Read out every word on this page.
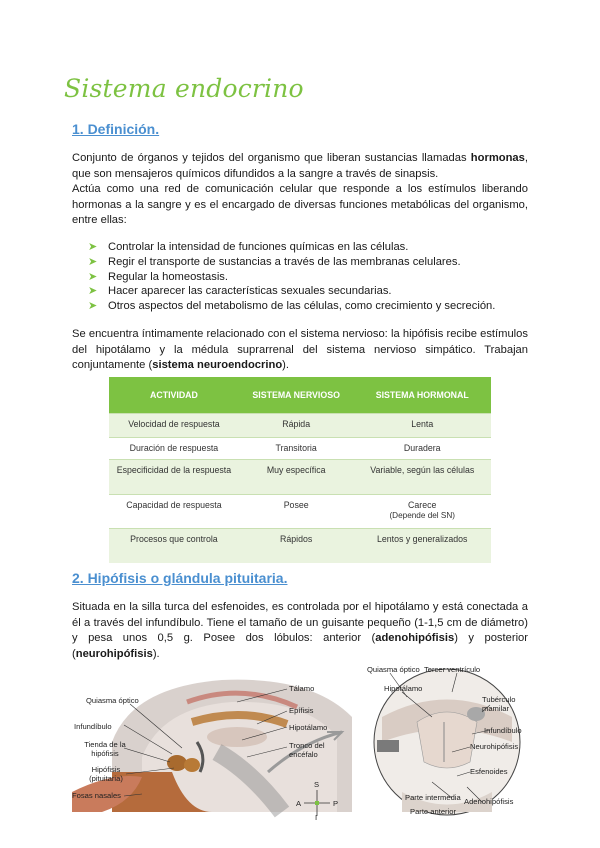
Sistema endocrino
1. Definición.
Conjunto de órganos y tejidos del organismo que liberan sustancias llamadas hormonas, que son mensajeros químicos difundidos a la sangre a través de sinapsis.
Actúa como una red de comunicación celular que responde a los estímulos liberando hormonas a la sangre y es el encargado de diversas funciones metabólicas del organismo, entre ellas:
➤ Controlar la intensidad de funciones químicas en las células.
➤ Regir el transporte de sustancias a través de las membranas celulares.
➤ Regular la homeostasis.
➤ Hacer aparecer las características sexuales secundarias.
➤ Otros aspectos del metabolismo de las células, como crecimiento y secreción.
Se encuentra íntimamente relacionado con el sistema nervioso: la hipófisis recibe estímulos del hipotálamo y la médula suprarrenal del sistema nervioso simpático. Trabajan conjuntamente (sistema neuroendocrino).
ACTIVIDAD	SISTEMA NERVIOSO	SISTEMA HORMONAL
Velocidad de respuesta	Rápida	Lenta
Duración de respuesta	Transitoria	Duradera
Especificidad de la respuesta	Muy específica	Variable, según las células
Capacidad de respuesta	Posee	Carece
(Depende del SN)
Procesos que controla	Rápidos	Lentos y generalizados
2. Hipófisis o glándula pituitaria.
Situada en la silla turca del esfenoides, es controlada por el hipotálamo y está conectada a él a través del infundíbulo. Tiene el tamaño de un guisante pequeño (1-1,5 cm de diámetro) y pesa unos 0,5 g. Posee dos lóbulos: anterior (adenohipófisis) y posterior (neurohipófisis).
Quiasma óptico
Infundíbulo
Tienda de la hipófisis
Hipófisis (pituitaria)
Fosas nasales
Tálamo
Epífisis
Hipotálamo
Tronco del encéfalo
S
A	P
I
Quiasma óptico Tercer ventrículo
Hipotálamo
Tubérculo mamilar
Infundíbulo
Neurohipófisis
Esfenoides
Parte intermedia Adenohipófisis
Parte anterior
